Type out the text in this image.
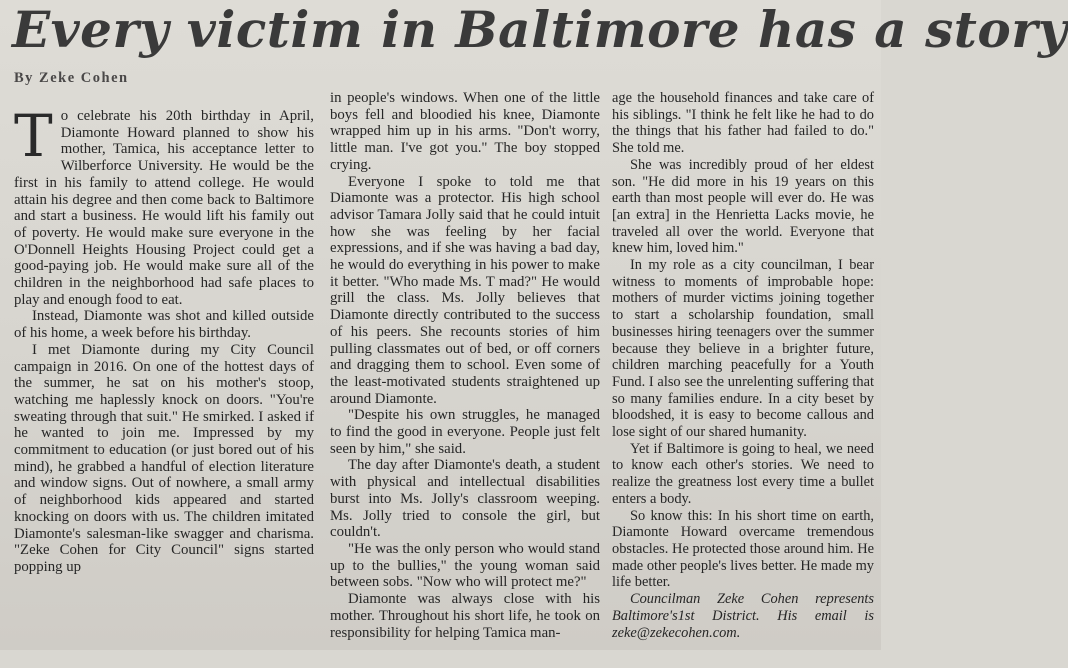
Every victim in Baltimore has a story
By Zeke Cohen

To celebrate his 20th birthday in April, Diamonte Howard planned to show his mother, Tamica, his acceptance letter to Wilberforce University. He would be the first in his family to attend college. He would attain his degree and then come back to Baltimore and start a business. He would lift his family out of poverty. He would make sure everyone in the O'Donnell Heights Housing Project could get a good-paying job. He would make sure all of the children in the neighborhood had safe places to play and enough food to eat.

Instead, Diamonte was shot and killed outside of his home, a week before his birthday.

I met Diamonte during my City Council campaign in 2016. On one of the hottest days of the summer, he sat on his mother's stoop, watching me haplessly knock on doors. "You're sweating through that suit." He smirked. I asked if he wanted to join me. Impressed by my commitment to education (or just bored out of his mind), he grabbed a handful of election literature and window signs. Out of nowhere, a small army of neighborhood kids appeared and started knocking on doors with us. The children imitated Diamonte's salesman-like swagger and charisma. "Zeke Cohen for City Council" signs started popping up

in people's windows. When one of the little boys fell and bloodied his knee, Diamonte wrapped him up in his arms. "Don't worry, little man. I've got you." The boy stopped crying.

Everyone I spoke to told me that Diamonte was a protector. His high school advisor Tamara Jolly said that he could intuit how she was feeling by her facial expressions, and if she was having a bad day, he would do everything in his power to make it better. "Who made Ms. T mad?" He would grill the class. Ms. Jolly believes that Diamonte directly contributed to the success of his peers. She recounts stories of him pulling classmates out of bed, or off corners and dragging them to school. Even some of the least-motivated students straightened up around Diamonte.

"Despite his own struggles, he managed to find the good in everyone. People just felt seen by him," she said.

The day after Diamonte's death, a student with physical and intellectual disabilities burst into Ms. Jolly's classroom weeping. Ms. Jolly tried to console the girl, but couldn't.

"He was the only person who would stand up to the bullies," the young woman said between sobs. "Now who will protect me?"

Diamonte was always close with his mother. Throughout his short life, he took on responsibility for helping Tamica man-

age the household finances and take care of his siblings. "I think he felt like he had to do the things that his father had failed to do." She told me.

She was incredibly proud of her eldest son. "He did more in his 19 years on this earth than most people will ever do. He was [an extra] in the Henrietta Lacks movie, he traveled all over the world. Everyone that knew him, loved him."

In my role as a city councilman, I bear witness to moments of improbable hope: mothers of murder victims joining together to start a scholarship foundation, small businesses hiring teenagers over the summer because they believe in a brighter future, children marching peacefully for a Youth Fund. I also see the unrelenting suffering that so many families endure. In a city beset by bloodshed, it is easy to become callous and lose sight of our shared humanity.

Yet if Baltimore is going to heal, we need to know each other's stories. We need to realize the greatness lost every time a bullet enters a body.

So know this: In his short time on earth, Diamonte Howard overcame tremendous obstacles. He protected those around him. He made other people's lives better. He made my life better.

Councilman Zeke Cohen represents Baltimore's1st District. His email is zeke@zekecohen.com.
